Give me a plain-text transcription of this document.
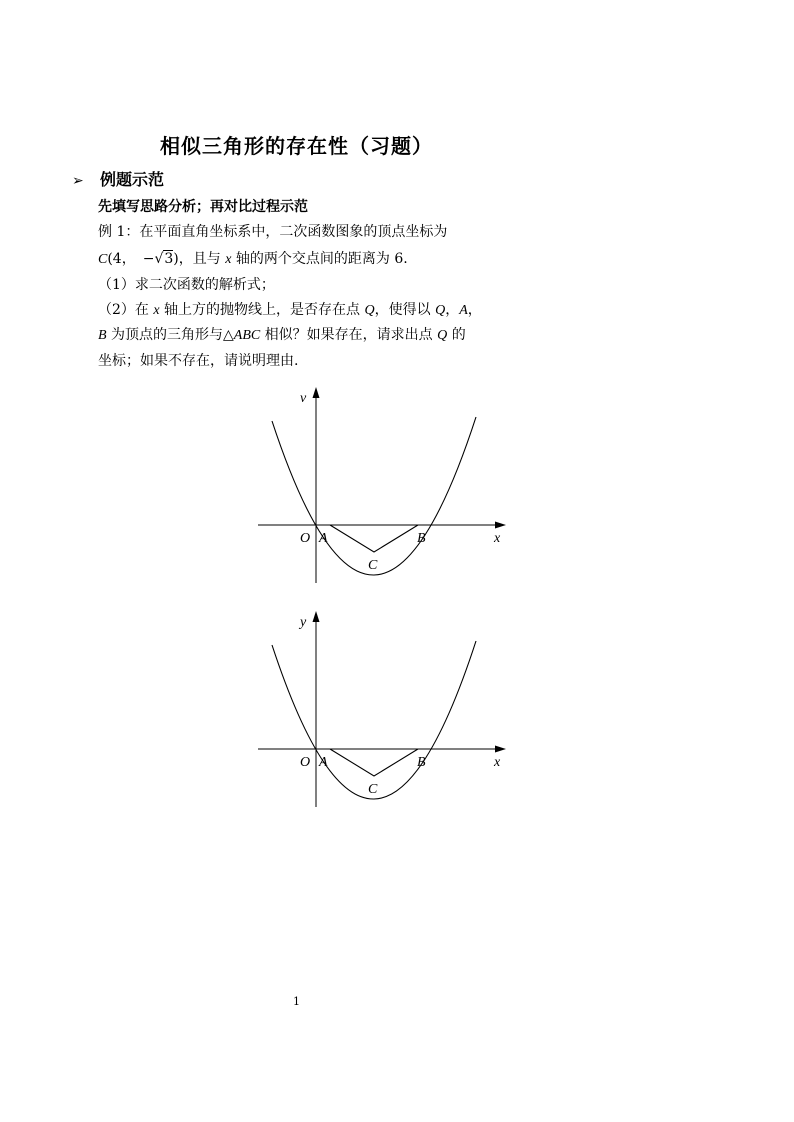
相似三角形的存在性（习题）
➢ 例题示范
先填写思路分析；再对比过程示范
例 1：在平面直角坐标系中，二次函数图象的顶点坐标为
C(4，  −√3)，且与 x 轴的两个交点间的距离为 6.
（1）求二次函数的解析式；
（2）在 x 轴上方的抛物线上，是否存在点 Q，使得以 Q，A，
B 为顶点的三角形与△ABC 相似？如果存在，请求出点 Q 的
坐标；如果不存在，请说明理由.
v
x
O A	B
C
y
x
O A	B
C
1
